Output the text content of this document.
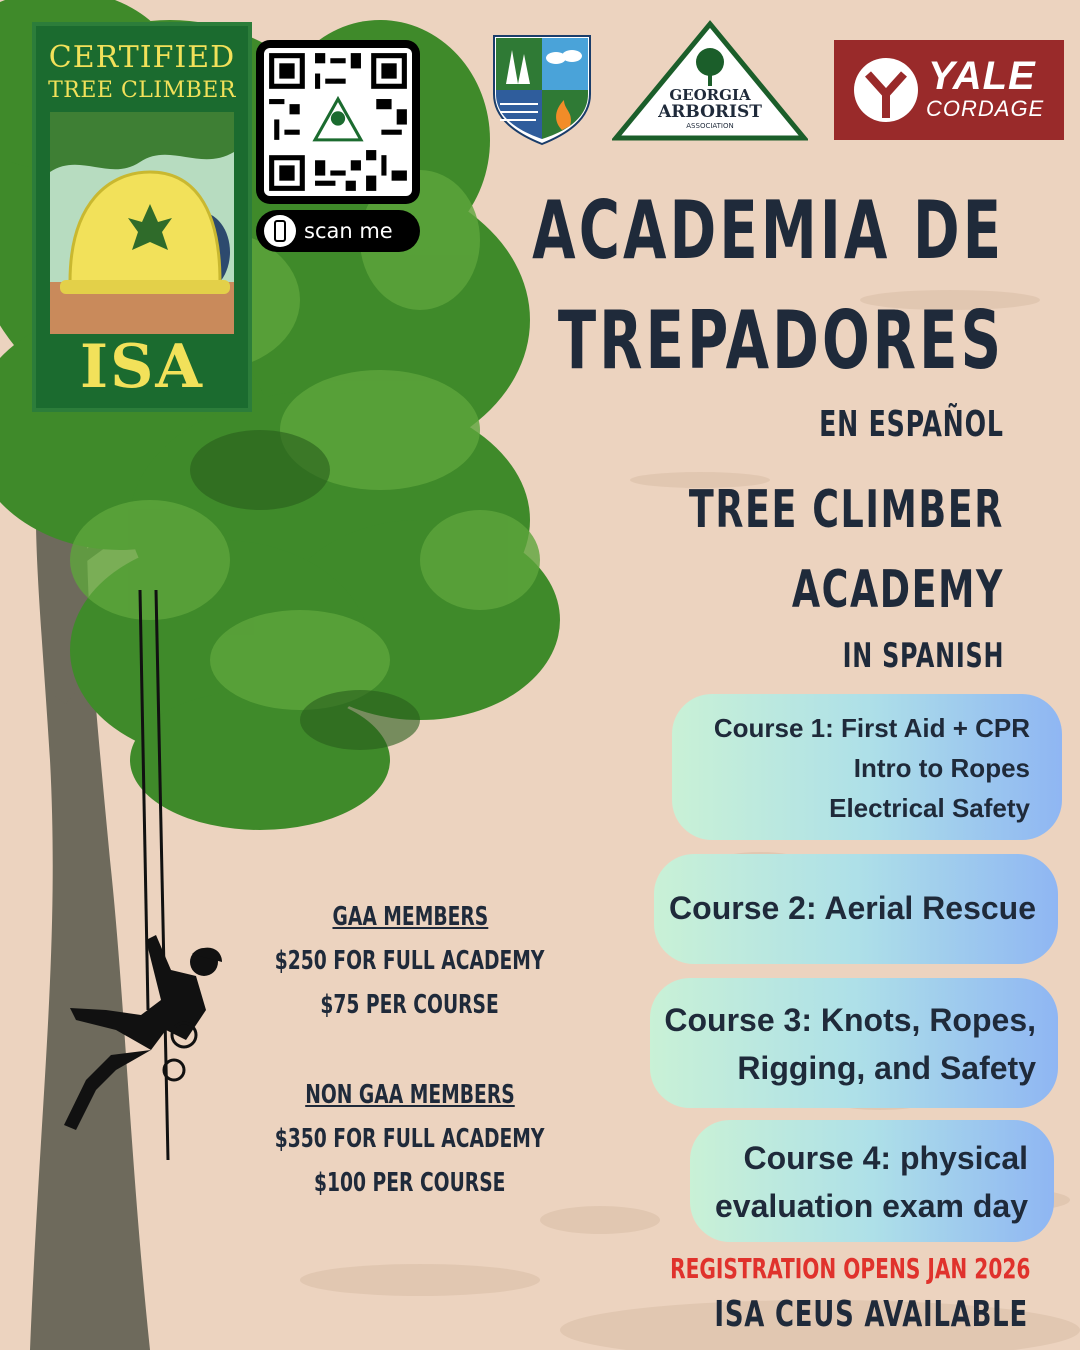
CERTIFIED
TREE CLIMBER
ISA
scan me
GEORGIA
ARBORIST
ASSOCIATION
YALE
CORDAGE
ACADEMIA DE
TREPADORES
EN ESPAÑOL
TREE CLIMBER
ACADEMY
IN SPANISH
Course 1: First Aid + CPR
Intro to Ropes
Electrical Safety
Course 2: Aerial Rescue
Course 3: Knots, Ropes,
Rigging, and Safety
Course 4: physical
evaluation exam day
GAA MEMBERS
$250 FOR FULL ACADEMY
$75 PER COURSE
NON GAA MEMBERS
$350 FOR FULL ACADEMY
$100 PER COURSE
REGISTRATION OPENS JAN 2026
ISA CEUS AVAILABLE
